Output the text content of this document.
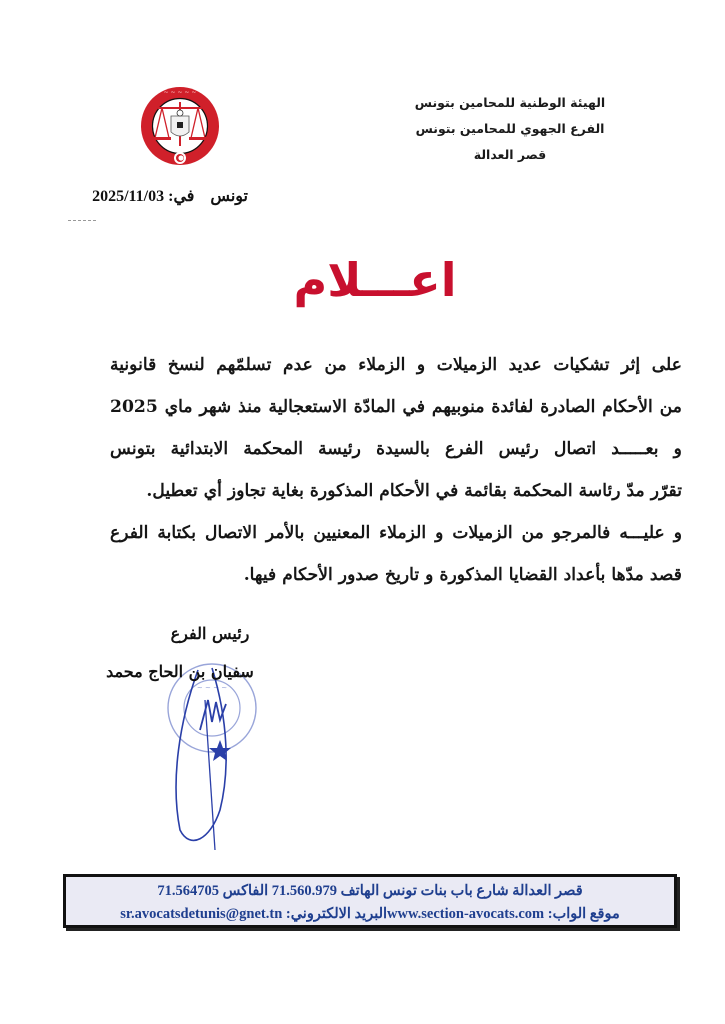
الهيئة الوطنية للمحامين بتونس
الفرع الجهوي للمحامين بتونس
قصر العدالة
~ ~ ~ ~ ~
تونس في: 2025/11/03
اعـــلام

على إثر تشكيات عديد الزميلات و الزملاء من عدم تسلمّهم لنسخ قانونية

من الأحكام الصادرة لفائدة منوبيهم في المادّة الاستعجالية منذ شهر ماي 2025

و بعـــــد اتصال رئيس الفرع بالسيدة رئيسة المحكمة الابتدائية بتونس

تقرّر مدّ رئاسة المحكمة بقائمة في الأحكام المذكورة بغاية تجاوز أي تعطيل.

و عليـــه فالمرجو من الزميلات و الزملاء المعنيين بالأمر الاتصال بكتابة الفرع

قصد مدّها بأعداد القضايا المذكورة و تاريخ صدور الأحكام فيها.

~ ~ ~ ~
رئيس الفرع
سفيان بن الحاج محمد
قصر العدالة شارع باب بنات تونس الهاتف 71.560.979 الفاكس 71.564705
موقع الواب: www.section-avocats.comالبريد الالكتروني: sr.avocatsdetunis@gnet.tn
